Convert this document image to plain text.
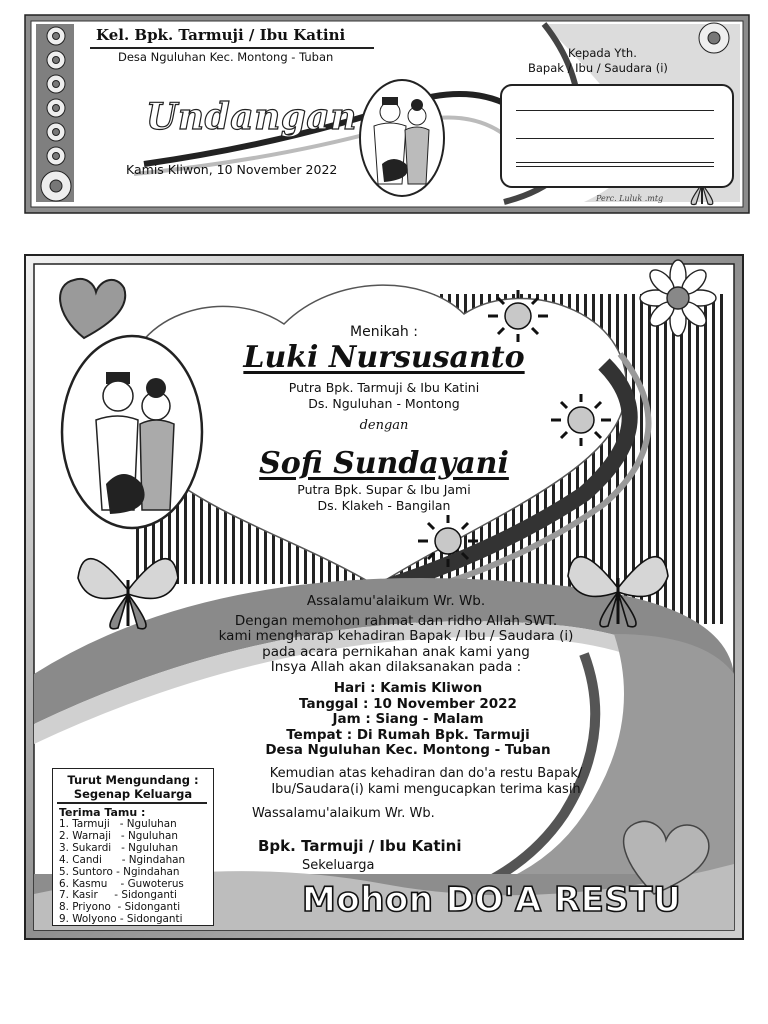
Kel. Bpk. Tarmuji / Ibu Katini
Desa Nguluhan Kec. Montong - Tuban
Undangan
Kamis Kliwon, 10 November 2022
Kepada Yth.
Bapak / Ibu / Saudara (i)
Perc. Luluk .mtg
Menikah :
Luki Nursusanto
Putra Bpk. Tarmuji & Ibu Katini
Ds. Nguluhan - Montong
dengan
Sofi Sundayani
Putra Bpk. Supar & Ibu Jami
Ds. Klakeh - Bangilan
Assalamu'alaikum Wr. Wb.
Dengan memohon rahmat dan ridho Allah SWT.
kami mengharap kehadiran Bapak / Ibu / Saudara (i)
pada acara pernikahan anak kami yang
Insya Allah akan dilaksanakan pada :
Hari : Kamis Kliwon
Tanggal : 10 November 2022
Jam : Siang - Malam
Tempat : Di Rumah Bpk. Tarmuji
Desa Nguluhan Kec. Montong - Tuban
Kemudian atas kehadiran dan do'a restu Bapak/
Ibu/Saudara(i) kami mengucapkan terima kasih
Wassalamu'alaikum Wr. Wb.
Bpk. Tarmuji / Ibu Katini
Sekeluarga
Mohon DO'A RESTU
Turut Mengundang :
Segenap Keluarga
Terima Tamu :
1. Tarmuji   - Nguluhan
2. Warnaji   - Nguluhan
3. Sukardi   - Nguluhan
4. Candi      - Ngindahan
5. Suntoro - Ngindahan
6. Kasmu    - Guwoterus
7. Kasir     - Sidonganti
8. Priyono  - Sidonganti
9. Wolyono - Sidonganti
